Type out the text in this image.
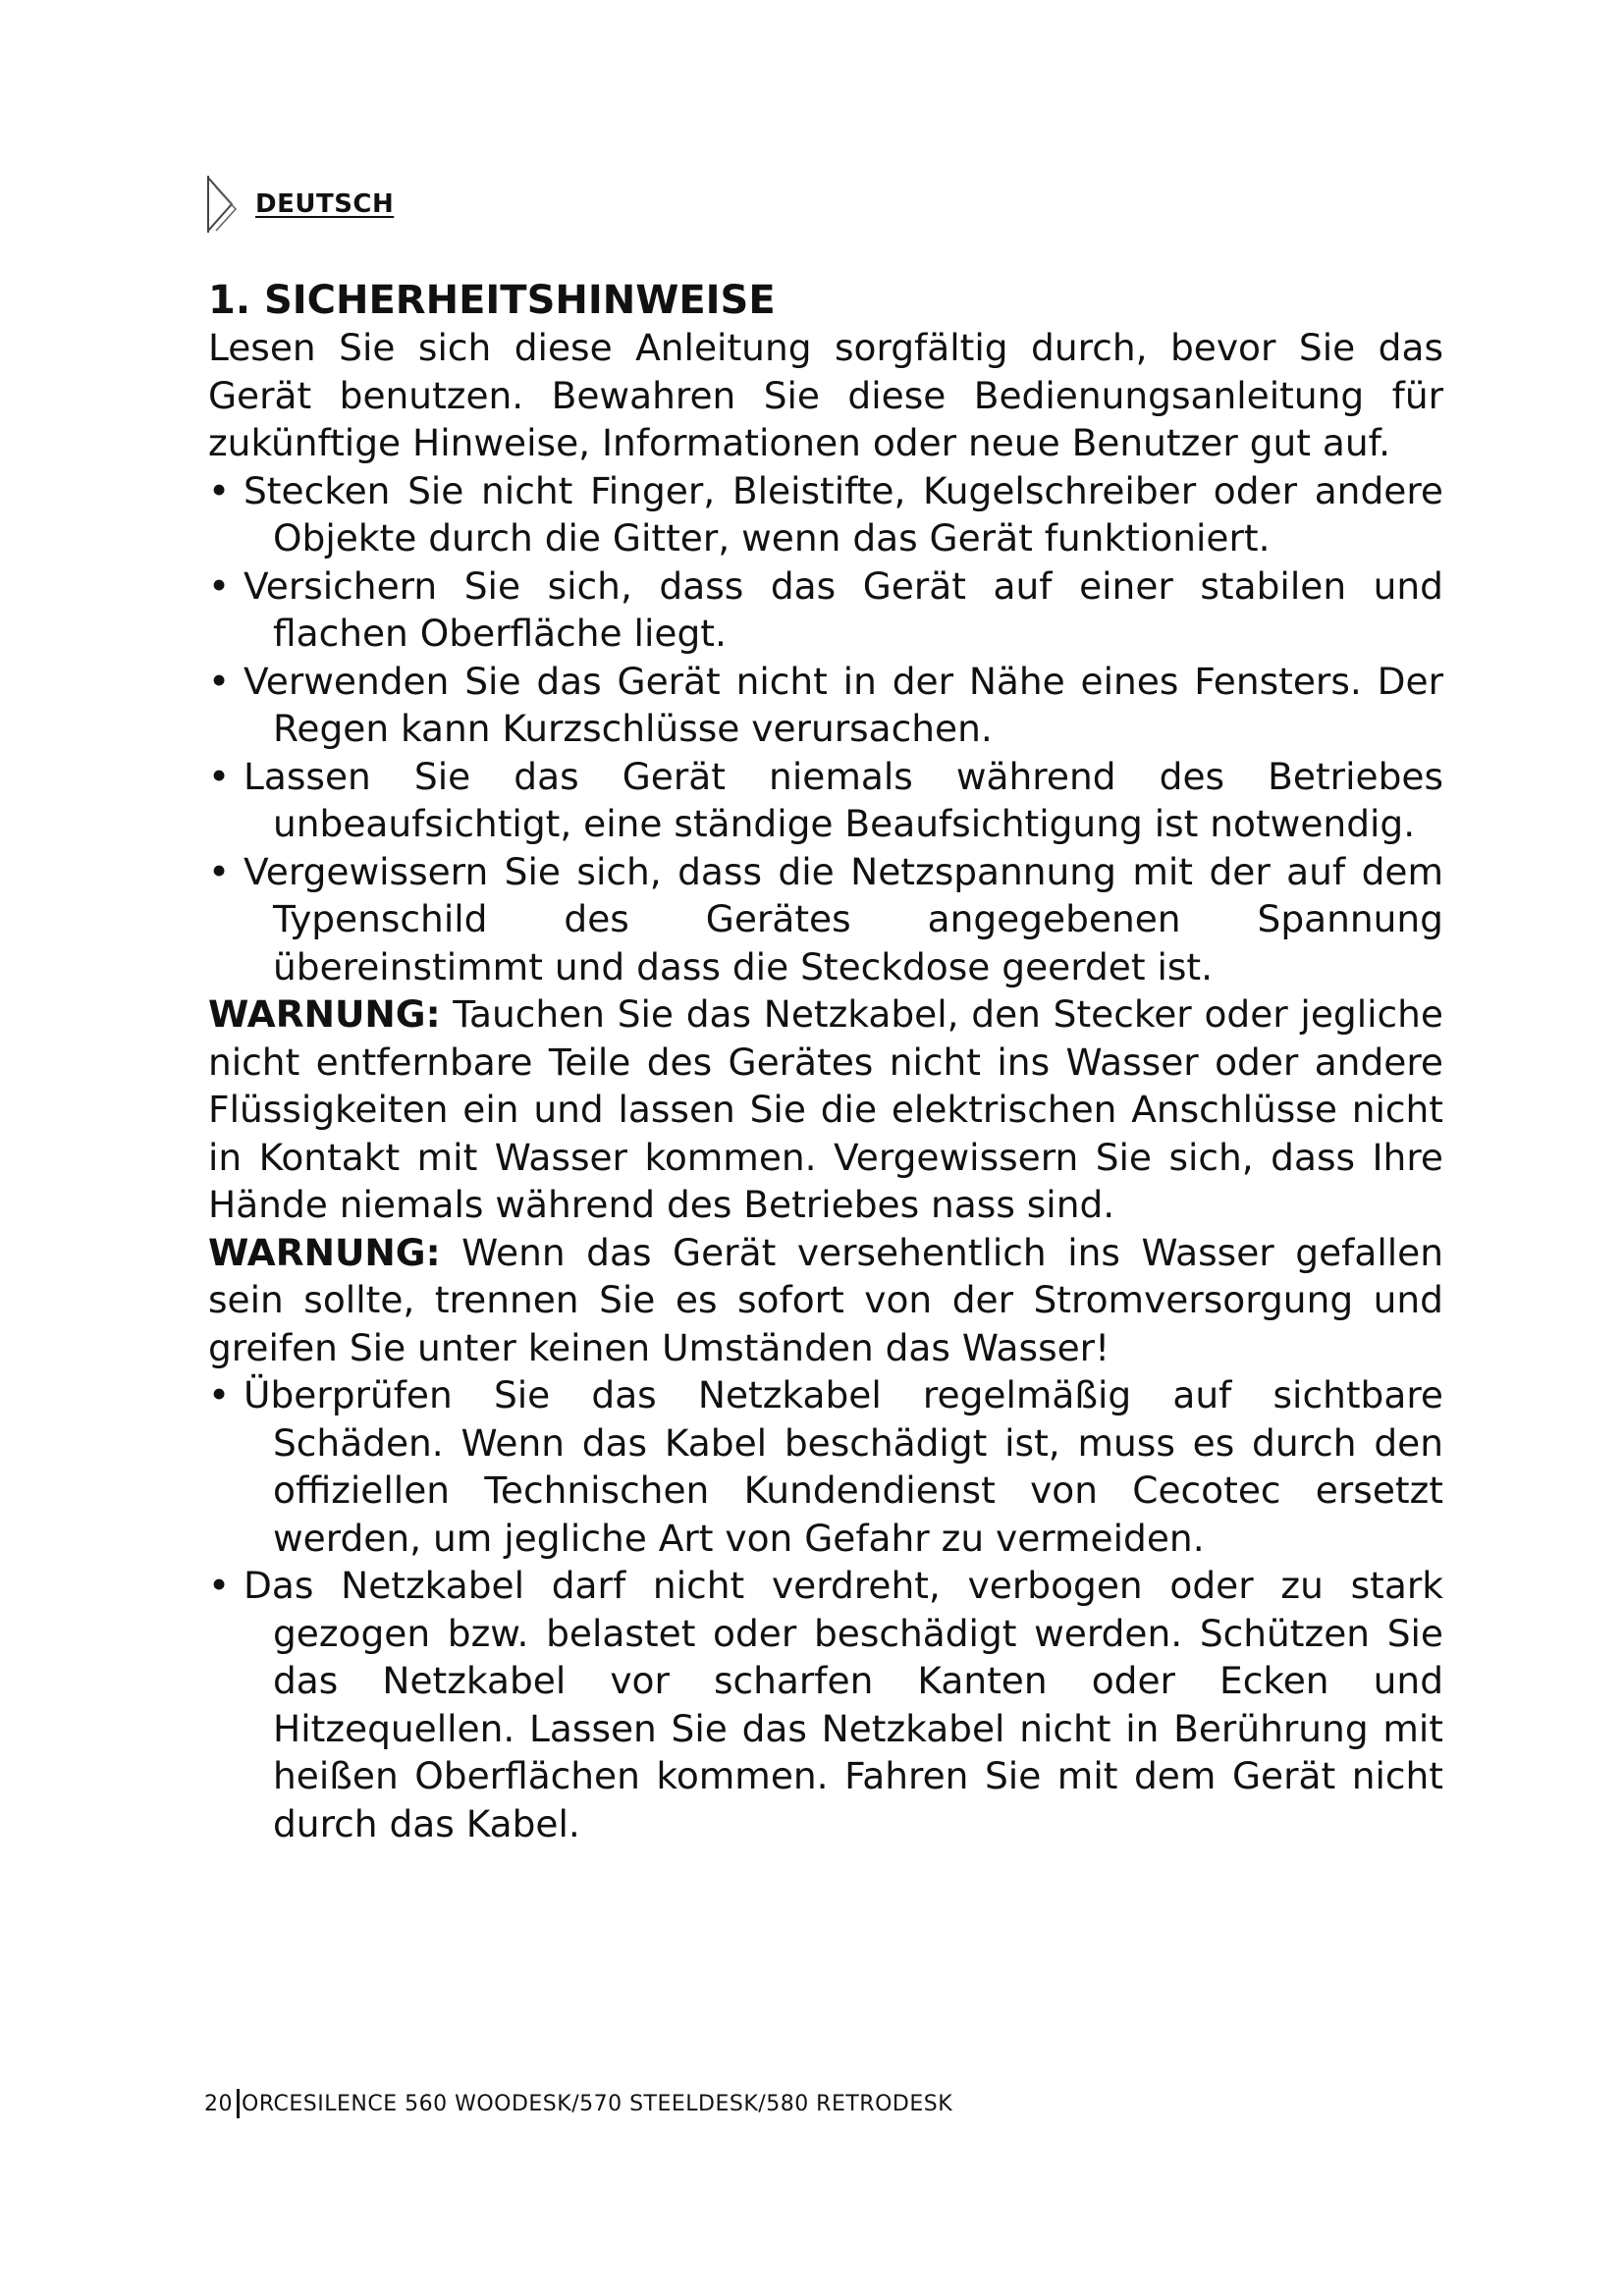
DEUTSCH
1. SICHERHEITSHINWEISE

Lesen Sie sich diese Anleitung sorgfältig durch, bevor Sie das Gerät benutzen. Bewahren Sie diese Bedienungsanleitung für zukünftige Hinweise, Informationen oder neue Benutzer gut auf.

• Stecken Sie nicht Finger, Bleistifte, Kugelschreiber oder andere Objekte durch die Gitter, wenn das Gerät funktioniert.
• Versichern Sie sich, dass das Gerät auf einer stabilen und flachen Oberfläche liegt.
• Verwenden Sie das Gerät nicht in der Nähe eines Fensters. Der Regen kann Kurzschlüsse verursachen.
• Lassen Sie das Gerät niemals während des Betriebes unbeaufsichtigt, eine ständige Beaufsichtigung ist notwendig.
• Vergewissern Sie sich, dass die Netzspannung mit der auf dem Typenschild des Gerätes angegebenen Spannung übereinstimmt und dass die Steckdose geerdet ist.

WARNUNG: Tauchen Sie das Netzkabel, den Stecker oder jegliche nicht entfernbare Teile des Gerätes nicht ins Wasser oder andere Flüssigkeiten ein und lassen Sie die elektrischen Anschlüsse nicht in Kontakt mit Wasser kommen. Vergewissern Sie sich, dass Ihre Hände niemals während des Betriebes nass sind.

WARNUNG: Wenn das Gerät versehentlich ins Wasser gefallen sein sollte, trennen Sie es sofort von der Stromversorgung und greifen Sie unter keinen Umständen das Wasser!

• Überprüfen Sie das Netzkabel regelmäßig auf sichtbare Schäden. Wenn das Kabel beschädigt ist, muss es durch den offiziellen Technischen Kundendienst von Cecotec ersetzt werden, um jegliche Art von Gefahr zu vermeiden.
• Das Netzkabel darf nicht verdreht, verbogen oder zu stark gezogen bzw. belastet oder beschädigt werden. Schützen Sie das Netzkabel vor scharfen Kanten oder Ecken und Hitzequellen. Lassen Sie das Netzkabel nicht in Berührung mit heißen Oberflächen kommen. Fahren Sie mit dem Gerät nicht durch das Kabel.
20 ORCESILENCE 560 WOODESK/570 STEELDESK/580 RETRODESK
